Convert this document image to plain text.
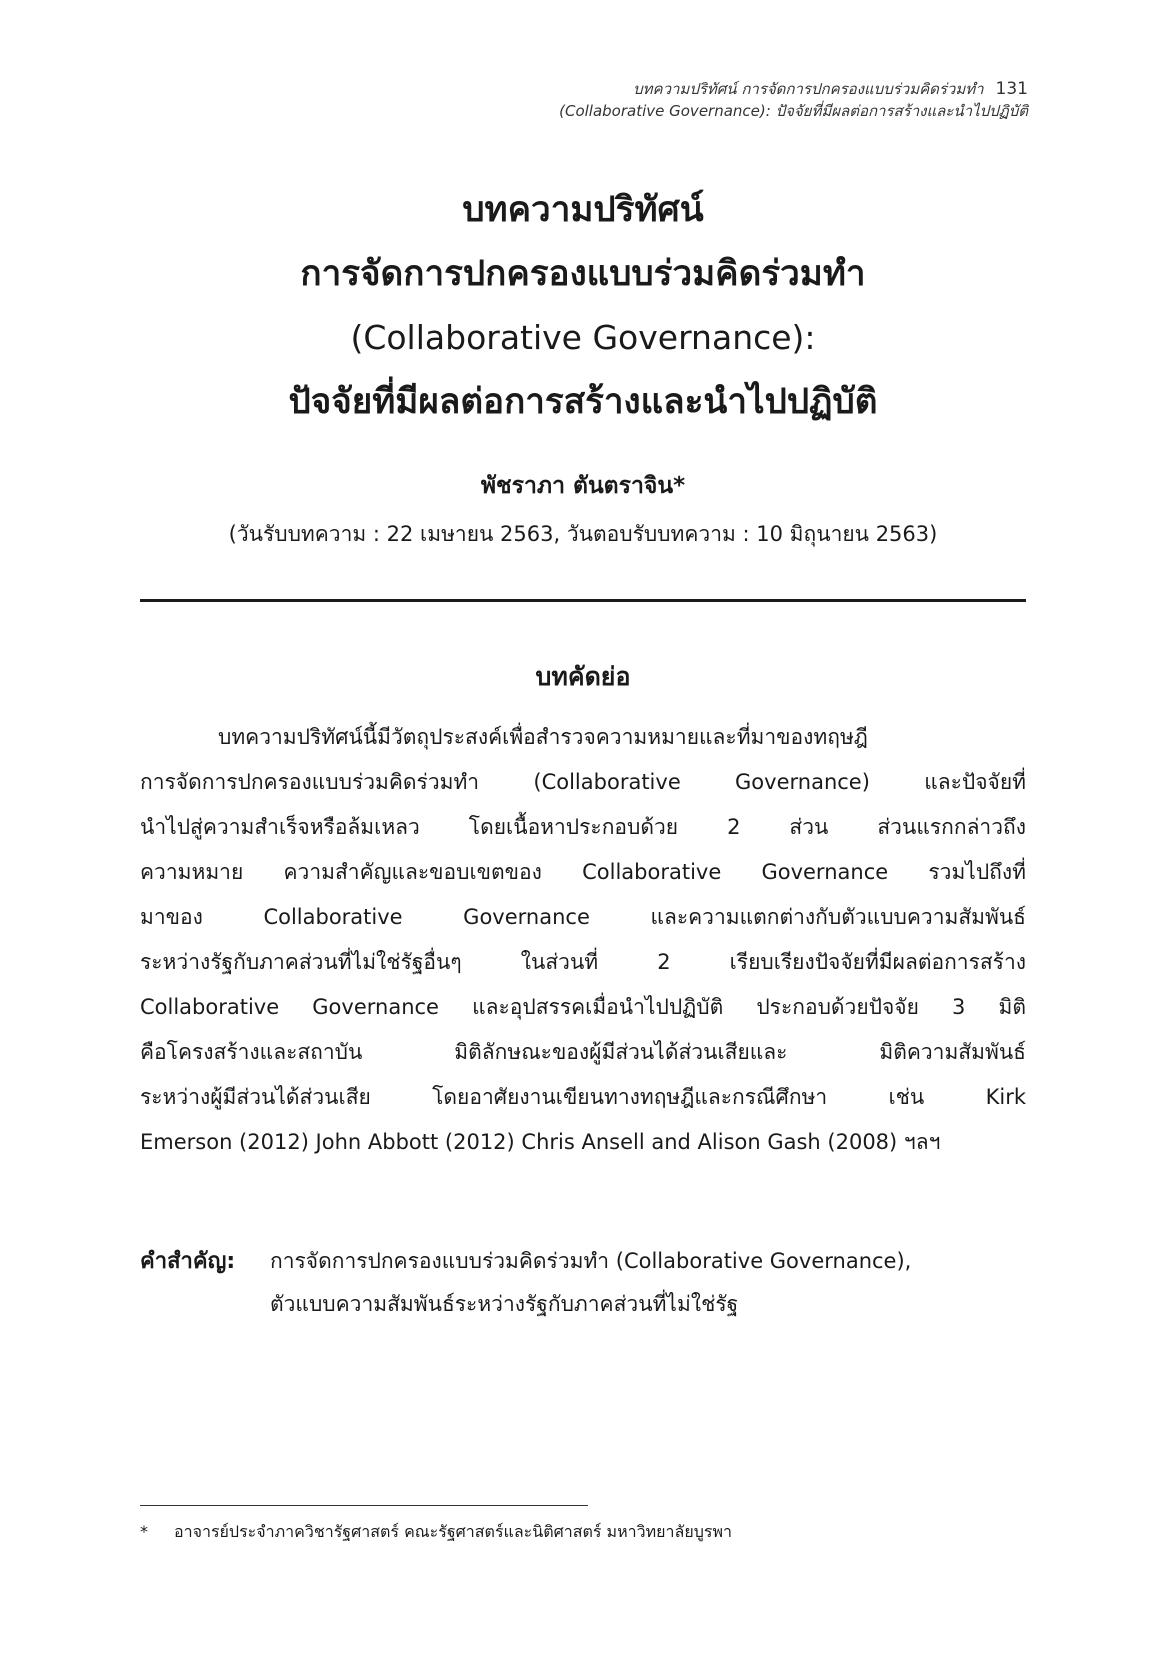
บทความปริทัศน์ การจัดการปกครองแบบร่วมคิดร่วมทำ 131
(Collaborative Governance): ปัจจัยที่มีผลต่อการสร้างและนำไปปฏิบัติ
บทความปริทัศน์
การจัดการปกครองแบบร่วมคิดร่วมทำ
(Collaborative Governance):
ปัจจัยที่มีผลต่อการสร้างและนำไปปฏิบัติ
พัชราภา ตันตราจิน*
(วันรับบทความ : 22 เมษายน 2563, วันตอบรับบทความ : 10 มิถุนายน 2563)
บทคัดย่อ
บทความปริทัศน์นี้มีวัตถุประสงค์เพื่อสำรวจความหมายและที่มาของทฤษฎี
การจัดการปกครองแบบร่วมคิดร่วมทำ (Collaborative Governance) และปัจจัยที่
นำไปสู่ความสำเร็จหรือล้มเหลว โดยเนื้อหาประกอบด้วย 2 ส่วน ส่วนแรกกล่าวถึง
ความหมาย ความสำคัญและขอบเขตของ Collaborative Governance รวมไปถึงที่
มาของ Collaborative Governance และความแตกต่างกับตัวแบบความสัมพันธ์
ระหว่างรัฐกับภาคส่วนที่ไม่ใช่รัฐอื่นๆ ในส่วนที่ 2 เรียบเรียงปัจจัยที่มีผลต่อการสร้าง
Collaborative Governance และอุปสรรคเมื่อนำไปปฏิบัติ ประกอบด้วยปัจจัย 3 มิติ
คือโครงสร้างและสถาบัน มิติลักษณะของผู้มีส่วนได้ส่วนเสียและ มิติความสัมพันธ์
ระหว่างผู้มีส่วนได้ส่วนเสีย โดยอาศัยงานเขียนทางทฤษฎีและกรณีศึกษา เช่น Kirk
Emerson (2012) John Abbott (2012) Chris Ansell and Alison Gash (2008) ฯลฯ
คำสำคัญ: การจัดการปกครองแบบร่วมคิดร่วมทำ (Collaborative Governance),
ตัวแบบความสัมพันธ์ระหว่างรัฐกับภาคส่วนที่ไม่ใช่รัฐ
* อาจารย์ประจำภาควิชารัฐศาสตร์ คณะรัฐศาสตร์และนิติศาสตร์ มหาวิทยาลัยบูรพา
